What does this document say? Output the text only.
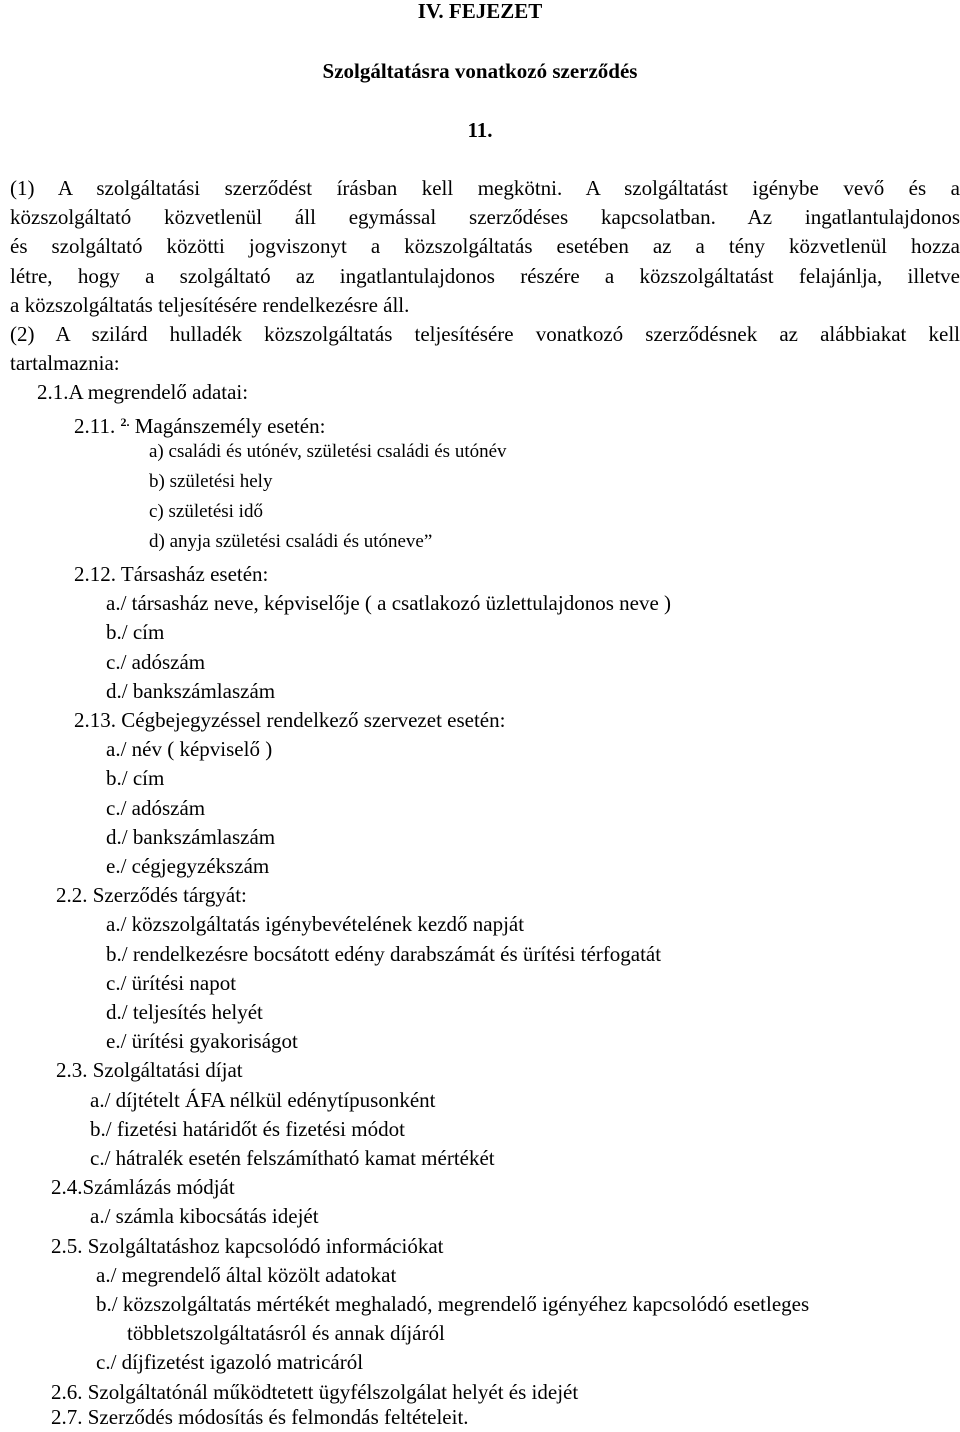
IV. FEJEZET
Szolgáltatásra vonatkozó szerződés
11.
(1) A szolgáltatási szerződést írásban kell megkötni. A szolgáltatást igénybe vevő és a
közszolgáltató közvetlenül áll egymással szerződéses kapcsolatban. Az ingatlantulajdonos
és szolgáltató közötti jogviszonyt a közszolgáltatás esetében az a tény közvetlenül hozza
létre, hogy a szolgáltató az ingatlantulajdonos részére a közszolgáltatást felajánlja, illetve
a közszolgáltatás teljesítésére rendelkezésre áll.
(2) A szilárd hulladék közszolgáltatás teljesítésére vonatkozó szerződésnek az alábbiakat kell
tartalmaznia:
2.1.A megrendelő adatai:
2.11. $^{2.}$ Magánszemély esetén:
a) családi és utónév, születési családi és utónév
b) születési hely
c) születési idő
d) anyja születési családi és utóneve”
2.12. Társasház esetén:
a./ társasház neve, képviselője ( a csatlakozó üzlettulajdonos neve )
b./ cím
c./ adószám
d./ bankszámlaszám
2.13. Cégbejegyzéssel rendelkező szervezet esetén:
a./ név ( képviselő )
b./ cím
c./ adószám
d./ bankszámlaszám
e./ cégjegyzékszám
2.2. Szerződés tárgyát:
a./ közszolgáltatás igénybevételének kezdő napját
b./ rendelkezésre bocsátott edény darabszámát és ürítési térfogatát
c./ ürítési napot
d./ teljesítés helyét
e./ ürítési gyakoriságot
2.3. Szolgáltatási díjat
a./ díjtételt ÁFA nélkül edénytípusonként
b./ fizetési határidőt és fizetési módot
c./ hátralék esetén felszámítható kamat mértékét
2.4.Számlázás módját
a./ számla kibocsátás idejét
2.5. Szolgáltatáshoz kapcsolódó információkat
a./ megrendelő által közölt adatokat
b./ közszolgáltatás mértékét meghaladó, megrendelő igényéhez kapcsolódó esetleges
többletszolgáltatásról és annak díjáról
c./ díjfizetést igazoló matricáról
2.6. Szolgáltatónál működtetett ügyfélszolgálat helyét és idejét
2.7. Szerződés módosítás és felmondás feltételeit.
